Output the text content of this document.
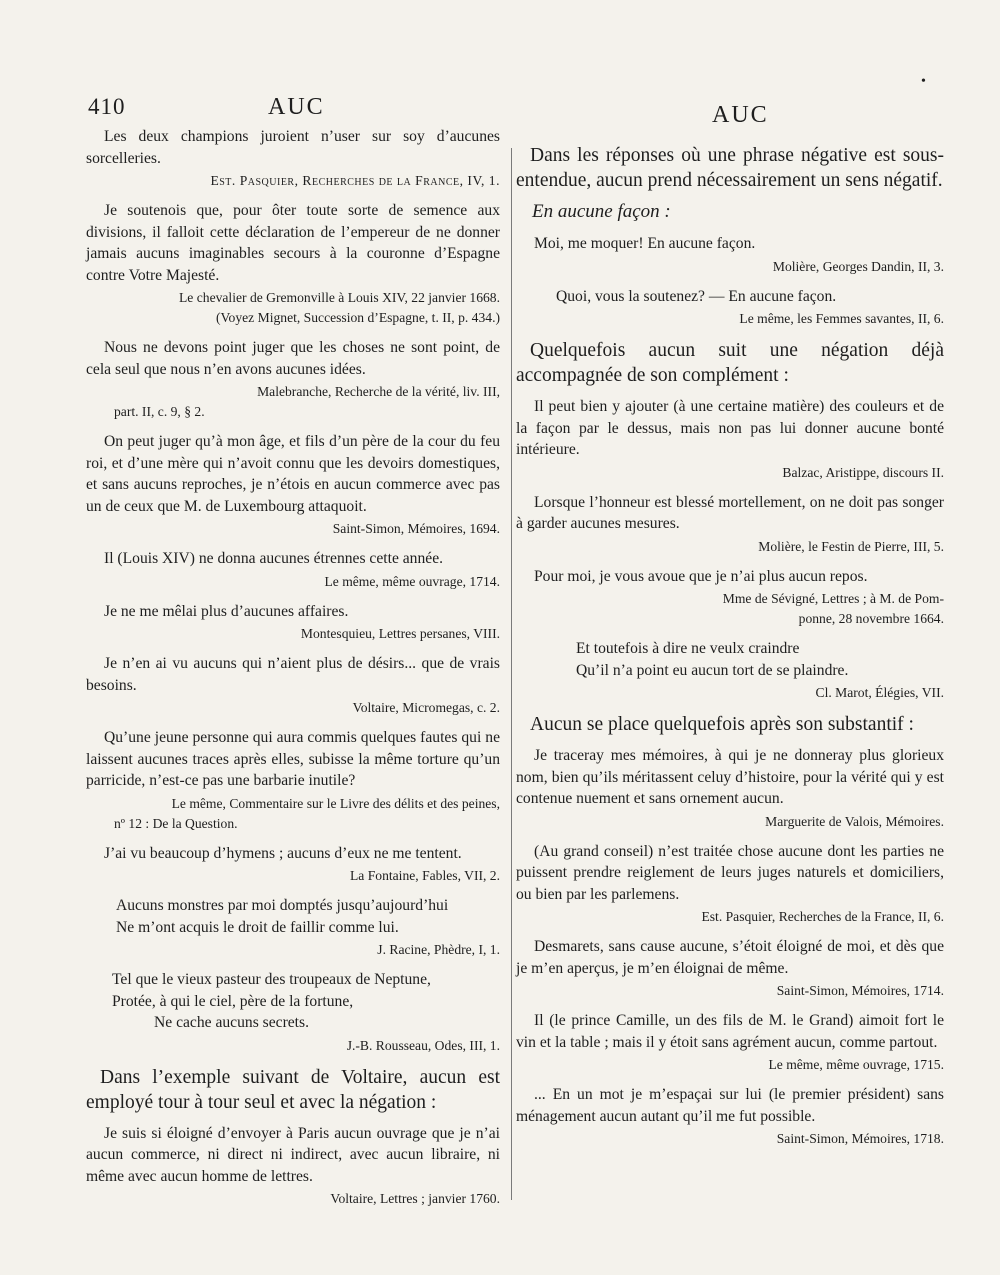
410	AUC	AUC
•

Les deux champions juroient n’user sur soy d’aucunes sorcelleries.

Est. Pasquier, Recherches de la France, IV, 1.

Je soutenois que, pour ôter toute sorte de semence aux divisions, il falloit cette déclaration de l’empereur de ne donner jamais aucuns imaginables secours à la couronne d’Espagne contre Votre Majesté.

Le chevalier de Gremonville à Louis XIV, 22 janvier 1668.

(Voyez Mignet, Succession d’Espagne, t. II, p. 434.)

Nous ne devons point juger que les choses ne sont point, de cela seul que nous n’en avons aucunes idées.

Malebranche, Recherche de la vérité, liv. III,

part. II, c. 9, § 2.

On peut juger qu’à mon âge, et fils d’un père de la cour du feu roi, et d’une mère qui n’avoit connu que les devoirs domestiques, et sans aucuns reproches, je n’étois en aucun commerce avec pas un de ceux que M. de Luxembourg attaquoit.

Saint-Simon, Mémoires, 1694.

Il (Louis XIV) ne donna aucunes étrennes cette année.

Le même, même ouvrage, 1714.

Je ne me mêlai plus d’aucunes affaires.

Montesquieu, Lettres persanes, VIII.

Je n’en ai vu aucuns qui n’aient plus de désirs... que de vrais besoins.

Voltaire, Micromegas, c. 2.

Qu’une jeune personne qui aura commis quelques fautes qui ne laissent aucunes traces après elles, subisse la même torture qu’un parricide, n’est-ce pas une barbarie inutile?

Le même, Commentaire sur le Livre des délits et des peines,

nº 12 : De la Question.

J’ai vu beaucoup d’hymens ; aucuns d’eux ne me tentent.

La Fontaine, Fables, VII, 2.

Aucuns monstres par moi domptés jusqu’aujourd’hui

Ne m’ont acquis le droit de faillir comme lui.

J. Racine, Phèdre, I, 1.

Tel que le vieux pasteur des troupeaux de Neptune,

Protée, à qui le ciel, père de la fortune,

Ne cache aucuns secrets.

J.-B. Rousseau, Odes, III, 1.

Dans l’exemple suivant de Voltaire, aucun est employé tour à tour seul et avec la négation :

Je suis si éloigné d’envoyer à Paris aucun ouvrage que je n’ai aucun commerce, ni direct ni indirect, avec aucun libraire, ni même avec aucun homme de lettres.

Voltaire, Lettres ; janvier 1760.

Dans les réponses où une phrase négative est sous-entendue, aucun prend nécessairement un sens négatif.

En aucune façon :

Moi, me moquer! En aucune façon.

Molière, Georges Dandin, II, 3.

Quoi, vous la soutenez? — En aucune façon.

Le même, les Femmes savantes, II, 6.

Quelquefois aucun suit une négation déjà accompagnée de son complément :

Il peut bien y ajouter (à une certaine matière) des couleurs et de la façon par le dessus, mais non pas lui donner aucune bonté intérieure.

Balzac, Aristippe, discours II.

Lorsque l’honneur est blessé mortellement, on ne doit pas songer à garder aucunes mesures.

Molière, le Festin de Pierre, III, 5.

Pour moi, je vous avoue que je n’ai plus aucun repos.

Mme de Sévigné, Lettres ; à M. de Pom-

ponne, 28 novembre 1664.

Et toutefois à dire ne veulx craindre

Qu’il n’a point eu aucun tort de se plaindre.

Cl. Marot, Élégies, VII.

Aucun se place quelquefois après son substantif :

Je traceray mes mémoires, à qui je ne donneray plus glorieux nom, bien qu’ils méritassent celuy d’histoire, pour la vérité qui y est contenue nuement et sans ornement aucun.

Marguerite de Valois, Mémoires.

(Au grand conseil) n’est traitée chose aucune dont les parties ne puissent prendre reiglement de leurs juges naturels et domiciliers, ou bien par les parlemens.

Est. Pasquier, Recherches de la France, II, 6.

Desmarets, sans cause aucune, s’étoit éloigné de moi, et dès que je m’en aperçus, je m’en éloignai de même.

Saint-Simon, Mémoires, 1714.

Il (le prince Camille, un des fils de M. le Grand) aimoit fort le vin et la table ; mais il y étoit sans agrément aucun, comme partout.

Le même, même ouvrage, 1715.

... En un mot je m’espaçai sur lui (le premier président) sans ménagement aucun autant qu’il me fut possible.

Saint-Simon, Mémoires, 1718.
